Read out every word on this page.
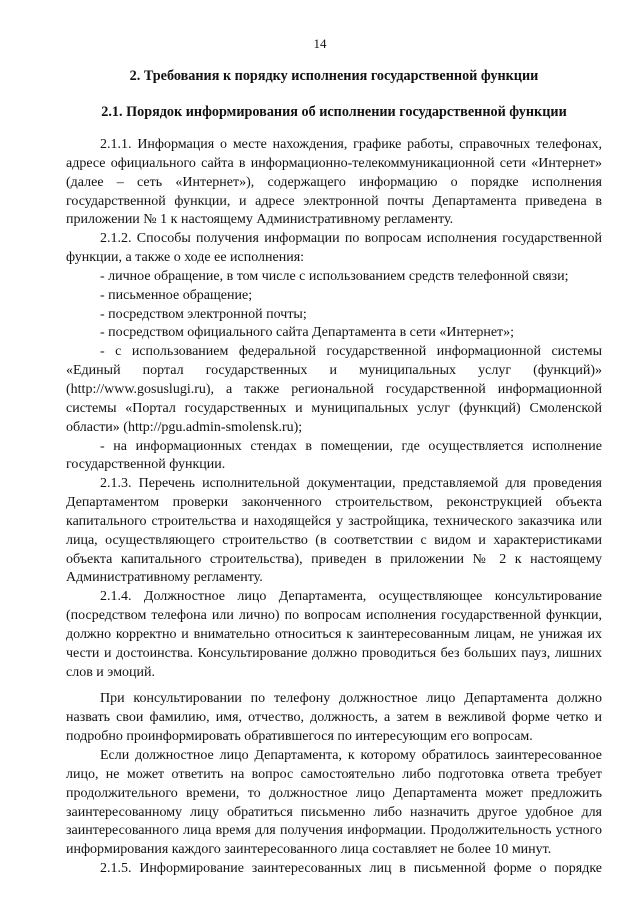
14
2. Требования к порядку исполнения государственной функции
2.1. Порядок информирования об исполнении государственной функции

2.1.1. Информация о месте нахождения, графике работы, справочных телефонах, адресе официального сайта в информационно-телекоммуникационной сети «Интернет» (далее – сеть «Интернет»), содержащего информацию о порядке исполнения государственной функции, и адресе электронной почты Департамента приведена в приложении № 1 к настоящему Административному регламенту.

2.1.2. Способы получения информации по вопросам исполнения государственной функции, а также о ходе ее исполнения:

- личное обращение, в том числе с использованием средств телефонной связи;

- письменное обращение;

- посредством электронной почты;

- посредством официального сайта Департамента в сети «Интернет»;

- с использованием федеральной государственной информационной системы «Единый портал государственных и муниципальных услуг (функций)» (http://www.gosuslugi.ru), а также региональной государственной информационной системы «Портал государственных и муниципальных услуг (функций) Смоленской области» (http://pgu.admin-smolensk.ru);

- на информационных стендах в помещении, где осуществляется исполнение государственной функции.

2.1.3. Перечень исполнительной документации, представляемой для проведения Департаментом проверки законченного строительством, реконструкцией объекта капитального строительства и находящейся у застройщика, технического заказчика или лица, осуществляющего строительство (в соответствии с видом и характеристиками объекта капитального строительства), приведен в приложении № 2 к настоящему Административному регламенту.

2.1.4. Должностное лицо Департамента, осуществляющее консультирование (посредством телефона или лично) по вопросам исполнения государственной функции, должно корректно и внимательно относиться к заинтересованным лицам, не унижая их чести и достоинства. Консультирование должно проводиться без больших пауз, лишних слов и эмоций.

При консультировании по телефону должностное лицо Департамента должно назвать свои фамилию, имя, отчество, должность, а затем в вежливой форме четко и подробно проинформировать обратившегося по интересующим его вопросам.

Если должностное лицо Департамента, к которому обратилось заинтересованное лицо, не может ответить на вопрос самостоятельно либо подготовка ответа требует продолжительного времени, то должностное лицо Департамента может предложить заинтересованному лицу обратиться письменно либо назначить другое удобное для заинтересованного лица время для получения информации. Продолжительность устного информирования каждого заинтересованного лица составляет не более 10 минут.

2.1.5. Информирование заинтересованных лиц в письменной форме о порядке
